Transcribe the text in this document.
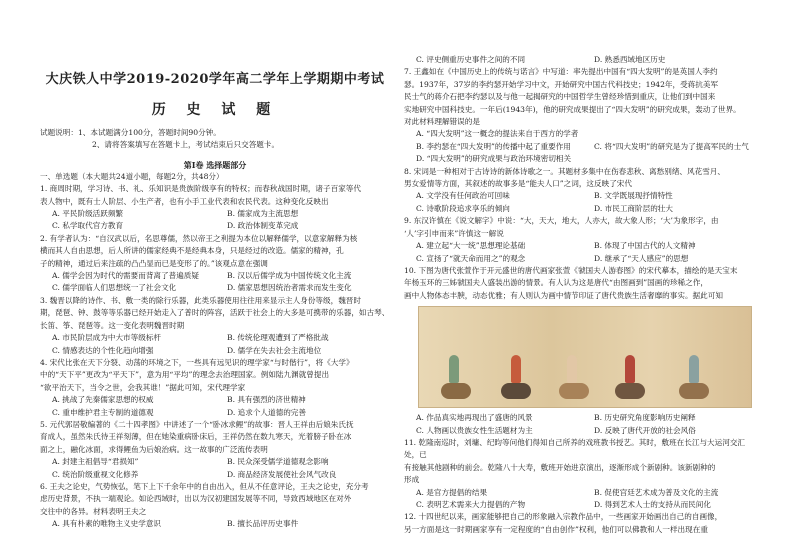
大庆铁人中学2019-2020学年高二学年上学期期中考试
历 史 试 题

试题说明：1、本试题满分100分，答题时间90分钟。

2、请将答案填写在答题卡上，考试结束后只交答题卡。

第Ⅰ卷 选择题部分

一、单选题（本大题共24道小题，每题2分，共48分）

1. 商周时期，学习诗、书、礼、乐知识是贵族阶级享有的特权；而春秋战国时期，诸子百家等代

表人物中，既有士人阶层、小生产者，也有小手工业代表和农民代表。这种变化反映出

A. 平民阶级活跃频繁	B. 儒家成为主流思想
C. 私学取代官方教育	D. 政治体制变革完成

2. 有学者认为：“自汉武以后，名思尊儒，然以帝王之利提为本位以解释儒学，以意家解释为核

横而其人自由思想，后人所讲的儒家经典不是经典本身，只是经过的改造。儒家的精神，孔

子的精神，通过后来注疏的凸凸显而已是变形了的。”该观点意在强调

A. 儒学会因为时代的需要而背离了普遍质疑	B. 汉以后儒学成为中国传统文化主流
C. 儒学面临人们思想统一了社会文化	D. 儒家思想因统治者需求而发生变化

3. 魏晋以降的诗作、书、敷一类的除行乐器，此类乐器使用往往用来显示主人身份等级，魏晋时

期，琵琶、钟、鼓等等乐器已经开始走入了普时的阵容，活跃于社会上的大多是可携带的乐器，如古琴、

长笛、筝、琵琶等。这一变化表明魏晋时期

A. 市民阶层成为中大市等级标杆	B. 传统伦理观遭到了严格批战
C. 情感表达的个性化趋向增强	D. 儒学在失去社会主流地位

4. 宋代比张在天下分裂、动荡的环境之下，一些具有远见识的理学家“与时偕行”，将《大学》

中的“天下平”更改为“平天下”，意为用“平均”的理念去治理国家。例如陆九渊就曾提出

“欲平治天下，当令之世，会我其谁！”据此可知，宋代理学家

A. 挑战了先秦儒家思想的权威	B. 具有强烈的济世精神
C. 重申维护君主专制的道德观	D. 追求个人道德的完善

5. 元代郭居敬编著的《二十四孝图》中讲述了一个“卧冰求鲤”的故事：晋人王祥由后娘朱氏抚

育成人，虽然朱氏待王祥刻薄，但在她染重病卧床后，王祥仍然在数九寒天，光着膀子卧在冰

面之上，融化冰面，求得鲤鱼为后娘治病。这一故事的广泛流传表明

A. 封建主祖倡导“君损知”	B. 民众深受儒学道德观念影响
C. 统治阶级重视文化修养	D. 商品经济发展使社会风气改良

6. 王夫之论史，气势恢弘，笔下上下千余年中的自由出入，但从不任意评论，王夫之论史，充分考

虑历史背景，不执一端观论。如论西域时，出以为汉初建国发展等不同，导致西域地区在对外

交往中的各异。材料表明王夫之

A. 具有朴素的唯物主义史学意识	B. 擅长品评历史事件
C. 评史侧重历史事件之间的不同	D. 熟悉西域地区历史

7. 王鑫如在《中国历史上的传统与诺言》中写道：率先提出中国有“四大发明”的是英国人李约

瑟。1937年，37岁的李约瑟开始学习中文，开始研究中国古代科技史；1942年，受蒋抗美军

民士气的蒋介石把李约瑟以及与他一起揭研究的中国哲学生曾经珍惜到重庆，让他们到中国来

实地研究中国科技史。一年后(1943年)，他的研究成果提出了“四大发明”的研究成果，轰动了世界。

对此材料理解错误的是

A. “四大发明”这一概念的提法来自于西方的学者

B. 李约瑟在“四大发明”的传播中起了重要作用	C. 将“四大发明”的研究是为了提高军民的士气

D. “四大发明”的研究成果与政治环境密切相关

8. 宋词是一种相对于古诗诗的新体诗歌之一。其题材多集中在伤春悲秋、离愁别绪、风花雪月、

男女爱情等方面，其叙述的故事多是“能夫人口”之词，这反映了宋代

A. 文学没有任何政治可回味	B. 文学既展现抒情特性
C. 诗歌阶段追求享乐的倾向	D. 市民工商阶层的壮大

9. 东汉许慎在《说文解字》中说：“大，天大，地大，人亦大，故大象人形；‘大’为象形字，由

‘人’字引申而来”许慎这一解说

A. 建立起“大一统”思想理论基础	B. 体现了中国古代的人文精神
C. 宣扬了“就天命而用之”的观念	D. 继承了“天人感应”的思想

10. 下图为唐代张萱作于开元盛世的唐代画家张萱《虢国夫人游春图》的宋代摹本，描绘的是天宝末

年杨玉环的三姊虢国夫人盛装出游的情景。有人认为这是唐代“由图画到”国画的珍稀之作，

画中人物体态丰腴，动态优雅；有人则认为画中情节印证了唐代贵族生活奢靡的事实。据此可知

A. 作品真实地再现出了盛唐的风景	B. 历史研究角度影响历史阐释
C. 人物画以贵族女性生活题材为主	D. 反映了唐代开放的社会风俗

11. 乾隆南巡时，刘墉、纪昀等问他们得知自己所养的戏班教书授艺。其时，敷班在长江与大运河交汇处，已

有接触其他剧种的前会。乾隆八十大寿，敷班开始进京演出，逐渐形成个新剧种。该新剧种的

形成

A. 是官方提倡的结果	B. 促使宫廷艺术成为普及文化的主流
C. 表明艺术需来大力提倡的产物	D. 得到艺术人士的支持从而民间化

12. 十四世纪以来，画家能够把自己的形象融入宗教作品中，一些画家开始画出自己的自画像，

另一方面是这一时期画家享有一定程度的“自由创作”权利，他们可以佛教和人一样出现在重
